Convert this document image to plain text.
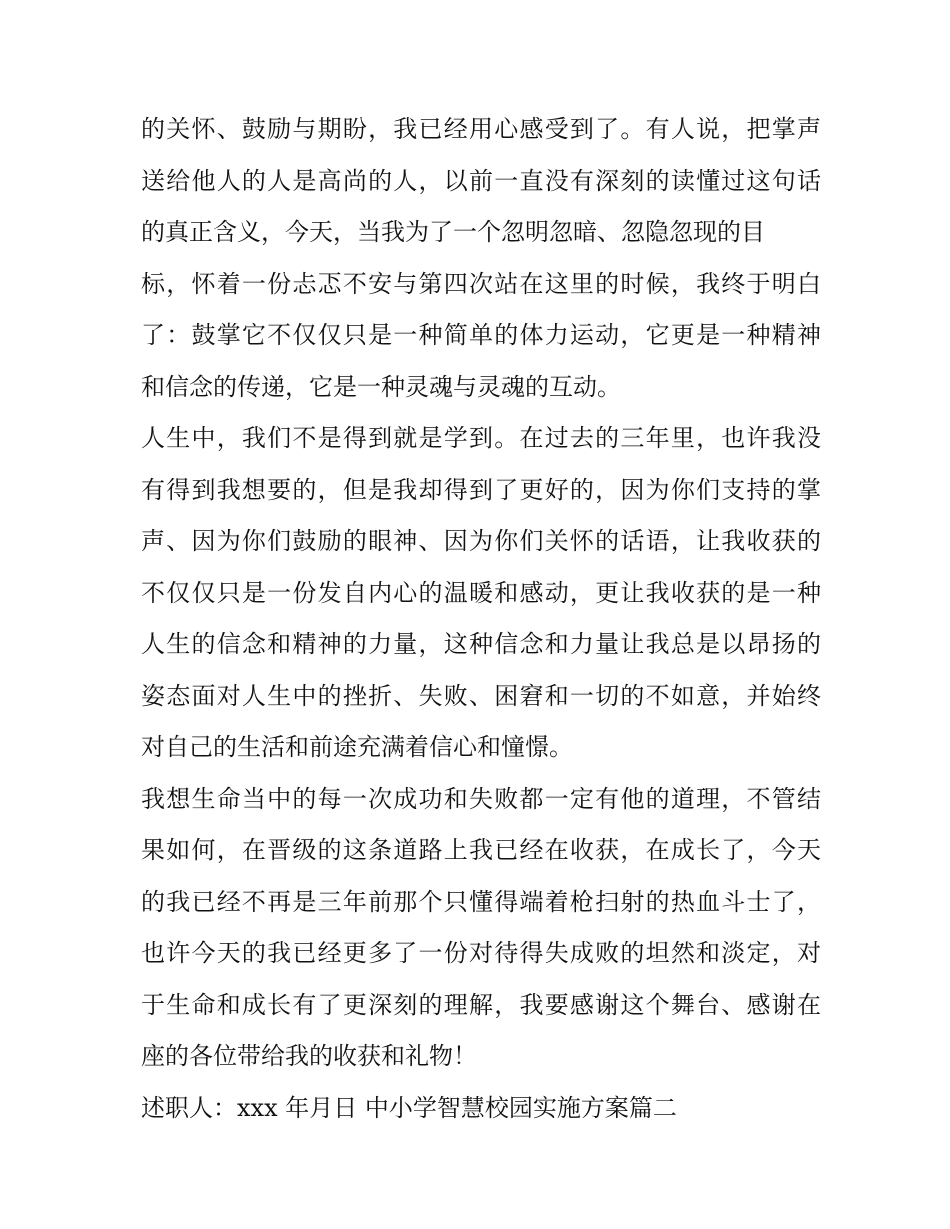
的关怀、鼓励与期盼，我已经用心感受到了。有人说，把掌声
送给他人的人是高尚的人，以前一直没有深刻的读懂过这句话
的真正含义，今天，当我为了一个忽明忽暗、忽隐忽现的目
标，怀着一份忐忑不安与第四次站在这里的时候，我终于明白
了：鼓掌它不仅仅只是一种简单的体力运动，它更是一种精神
和信念的传递，它是一种灵魂与灵魂的互动。
人生中，我们不是得到就是学到。在过去的三年里，也许我没
有得到我想要的，但是我却得到了更好的，因为你们支持的掌
声、因为你们鼓励的眼神、因为你们关怀的话语，让我收获的
不仅仅只是一份发自内心的温暖和感动，更让我收获的是一种
人生的信念和精神的力量，这种信念和力量让我总是以昂扬的
姿态面对人生中的挫折、失败、困窘和一切的不如意，并始终
对自己的生活和前途充满着信心和憧憬。
我想生命当中的每一次成功和失败都一定有他的道理，不管结
果如何，在晋级的这条道路上我已经在收获，在成长了，今天
的我已经不再是三年前那个只懂得端着枪扫射的热血斗士了，
也许今天的我已经更多了一份对待得失成败的坦然和淡定，对
于生命和成长有了更深刻的理解，我要感谢这个舞台、感谢在
座的各位带给我的收获和礼物！
述职人：xxx 年月日 中小学智慧校园实施方案篇二
